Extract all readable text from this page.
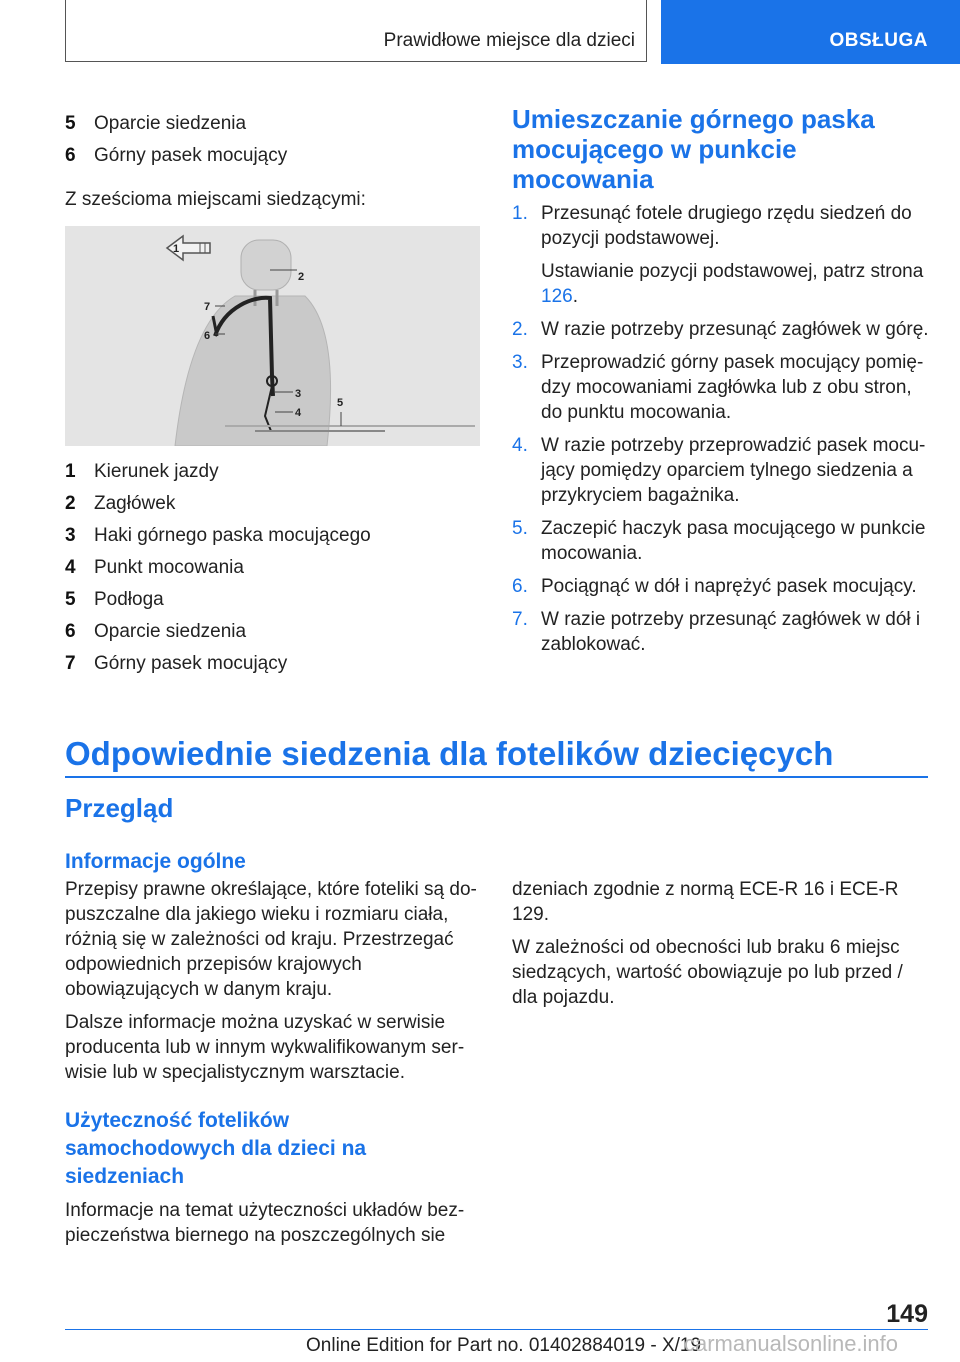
Prawidłowe miejsce dla dzieci	OBSŁUGA
5 Oparcie siedzenia
6 Górny pasek mocujący

Z sześcioma miejscami siedzącymi:

1
2
3
4
5
6
7
1 Kierunek jazdy
2 Zagłówek
3 Haki górnego paska mocującego
4 Punkt mocowania
5 Podłoga
6 Oparcie siedzenia
7 Górny pasek mocujący
Umieszczanie górnego paska mocującego w punkcie mocowania
1. Przesunąć fotele drugiego rzędu siedzeń do pozycji podstawowej.
Ustawianie pozycji podstawowej, patrz strona 126.
2. W razie potrzeby przesunąć zagłówek w górę.
3. Przeprowadzić górny pasek mocujący pomiędzy mocowaniami zagłówka lub z obu stron, do punktu mocowania.
4. W razie potrzeby przeprowadzić pasek mocujący pomiędzy oparciem tylnego siedzenia a przykryciem bagażnika.
5. Zaczepić haczyk pasa mocującego w punkcie mocowania.
6. Pociągnąć w dół i naprężyć pasek mocujący.
7. W razie potrzeby przesunąć zagłówek w dół i zablokować.
Odpowiednie siedzenia dla fotelików dziecięcych
Przegląd
Informacje ogólne

Przepisy prawne określające, które foteliki są dopuszczalne dla jakiego wieku i rozmiaru ciała, różnią się w zależności od kraju. Przestrzegać odpowiednich przepisów krajowych obowiązujących w danym kraju.

Dalsze informacje można uzyskać w serwisie producenta lub w innym wykwalifikowanym serwisie lub w specjalistycznym warsztacie.

Użyteczność fotelików samochodowych dla dzieci na siedzeniach

Informacje na temat użyteczności układów bezpieczeństwa biernego na poszczególnych sie

dzeniach zgodnie z normą ECE-R 16 i ECE-R 129.

W zależności od obecności lub braku 6 miejsc siedzących, wartość obowiązuje po lub przed / dla pojazdu.

149
Online Edition for Part no. 01402884019 - X/19
carmanualsonline.info
